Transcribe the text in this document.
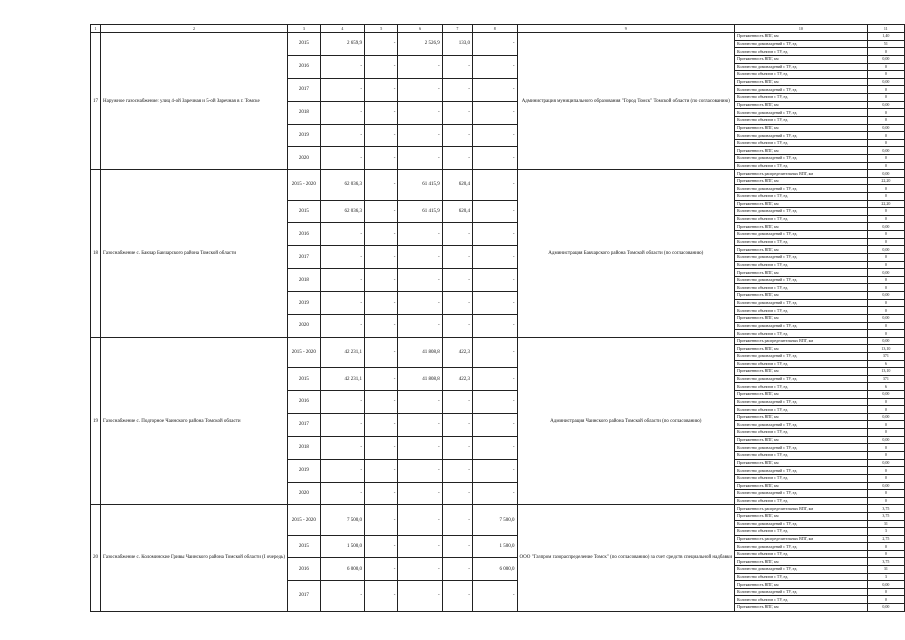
1	2	3	4	5	6	7	8	9	10	11
17	Наружное газоснабжение: улиц 4-ой Заречная и 5-ой Заречная в г. Томске	2015	2 659,9	-	2 526,9	133,0	-	Администрация муниципального образования "Город Томск" Томской области (по согласованию)	Протяженность ВПГ, км	1,40
									Количество домовладений с ТУ, ед.	51
									Количество объектов с ТУ, ед.	0
		2016	-	-	-	-	-		Протяженность ВПГ, км	0,00
									Количество домовладений с ТУ, ед.	0
									Количество объектов с ТУ, ед.	0
		2017	-	-	-	-	-		Протяженность ВПГ, км	0,00
									Количество домовладений с ТУ, ед.	0
									Количество объектов с ТУ, ед.	0
		2018	-	-	-	-	-		Протяженность ВПГ, км	0,00
									Количество домовладений с ТУ, ед.	0
									Количество объектов с ТУ, ед.	0
		2019	-	-	-	-	-		Протяженность ВПГ, км	0,00
									Количество домовладений с ТУ, ед.	0
									Количество объектов с ТУ, ед.	0
		2020	-	-	-	-	-		Протяженность ВПГ, км	0,00
									Количество домовладений с ТУ, ед.	0
									Количество объектов с ТУ, ед.	0
18	Газоснабжение с. Бакчар Бакчарского района Томской области	2015 - 2020	62 036,3	-	61 415,9	620,4	-	Администрация Бакчарского района Томской области (по согласованию)	Протяженность распределительных ВПГ, км	0,00
									Протяженность ВПГ, км	22,20
									Количество домовладений с ТУ, ед.	0
									Количество объектов с ТУ, ед.	0
		2015	62 036,3	-	61 415,9	620,4	-		Протяженность ВПГ, км	22,20
									Количество домовладений с ТУ, ед.	0
									Количество объектов с ТУ, ед.	0
		2016	-	-	-	-	-		Протяженность ВПГ, км	0,00
									Количество домовладений с ТУ, ед.	0
									Количество объектов с ТУ, ед.	0
		2017	-	-	-	-	-		Протяженность ВПГ, км	0,00
									Количество домовладений с ТУ, ед.	0
									Количество объектов с ТУ, ед.	0
		2018	-	-	-	-	-		Протяженность ВПГ, км	0,00
									Количество домовладений с ТУ, ед.	0
									Количество объектов с ТУ, ед.	0
		2019	-	-	-	-	-		Протяженность ВПГ, км	0,00
									Количество домовладений с ТУ, ед.	0
									Количество объектов с ТУ, ед.	0
		2020	-	-	-	-	-		Протяженность ВПГ, км	0,00
									Количество домовладений с ТУ, ед.	0
									Количество объектов с ТУ, ед.	0
19	Газоснабжение с. Подгорное Чаинского района Томской области	2015 - 2020	42 231,1	-	41 808,8	422,3	-	Администрация Чаинского района Томской области (по согласованию)	Протяженность распределительных ВПГ, км	0,00
									Протяженность ВПГ, км	13,10
									Количество домовладений с ТУ, ед.	371
									Количество объектов с ТУ, ед.	6
		2015	42 231,1	-	41 808,8	422,3	-		Протяженность ВПГ, км	13,10
									Количество домовладений с ТУ, ед.	371
									Количество объектов с ТУ, ед.	6
		2016	-	-	-	-	-		Протяженность ВПГ, км	0,00
									Количество домовладений с ТУ, ед.	0
									Количество объектов с ТУ, ед.	0
		2017	-	-	-	-	-		Протяженность ВПГ, км	0,00
									Количество домовладений с ТУ, ед.	0
									Количество объектов с ТУ, ед.	0
		2018	-	-	-	-	-		Протяженность ВПГ, км	0,00
									Количество домовладений с ТУ, ед.	0
									Количество объектов с ТУ, ед.	0
		2019	-	-	-	-	-		Протяженность ВПГ, км	0,00
									Количество домовладений с ТУ, ед.	0
									Количество объектов с ТУ, ед.	0
		2020	-	-	-	-	-		Протяженность ВПГ, км	0,00
									Количество домовладений с ТУ, ед.	0
									Количество объектов с ТУ, ед.	0
20	Газоснабжение с. Коломинские Гривы Чаинского района Томской области (I очередь)	2015 - 2020	7 500,0	-	-	-	7 500,0	ООО "Газпром газораспределение Томск" (по согласованию) за счет средств специальной надбавки	Протяженность распределительных ВПГ, км	3,75
									Протяженность ВПГ, км	3,75
									Количество домовладений с ТУ, ед.	31
									Количество объектов с ТУ, ед.	3
		2015	1 500,0	-	-	-	1 500,0		Протяженность распределительных ВПГ, км	2,75
									Количество домовладений с ТУ, ед.	0
									Количество объектов с ТУ, ед.	0
		2016	6 000,0	-	-	-	6 000,0		Протяженность ВПГ, км	3,75
									Количество домовладений с ТУ, ед.	31
									Количество объектов с ТУ, ед.	3
		2017	-	-	-	-	-		Протяженность ВПГ, км	0,00
									Количество домовладений с ТУ, ед.	0
									Количество объектов с ТУ, ед.	0
									Протяженность ВПГ, км	0,00
